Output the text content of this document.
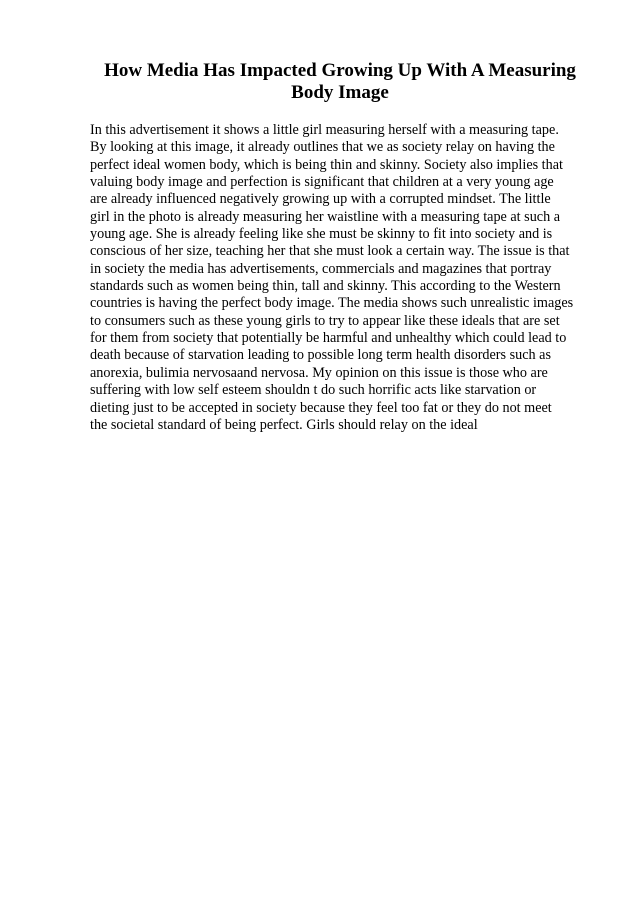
How Media Has Impacted Growing Up With A Measuring
Body Image
In this advertisement it shows a little girl measuring herself with a measuring tape.
By looking at this image, it already outlines that we as society relay on having the
perfect ideal women body, which is being thin and skinny. Society also implies that
valuing body image and perfection is significant that children at a very young age
are already influenced negatively growing up with a corrupted mindset. The little
girl in the photo is already measuring her waistline with a measuring tape at such a
young age. She is already feeling like she must be skinny to fit into society and is
conscious of her size, teaching her that she must look a certain way. The issue is that
in society the media has advertisements, commercials and magazines that portray
standards such as women being thin, tall and skinny. This according to the Western
countries is having the perfect body image. The media shows such unrealistic images
to consumers such as these young girls to try to appear like these ideals that are set
for them from society that potentially be harmful and unhealthy which could lead to
death because of starvation leading to possible long term health disorders such as
anorexia, bulimia nervosaand nervosa. My opinion on this issue is those who are
suffering with low self esteem shouldn t do such horrific acts like starvation or
dieting just to be accepted in society because they feel too fat or they do not meet
the societal standard of being perfect. Girls should relay on the ideal
